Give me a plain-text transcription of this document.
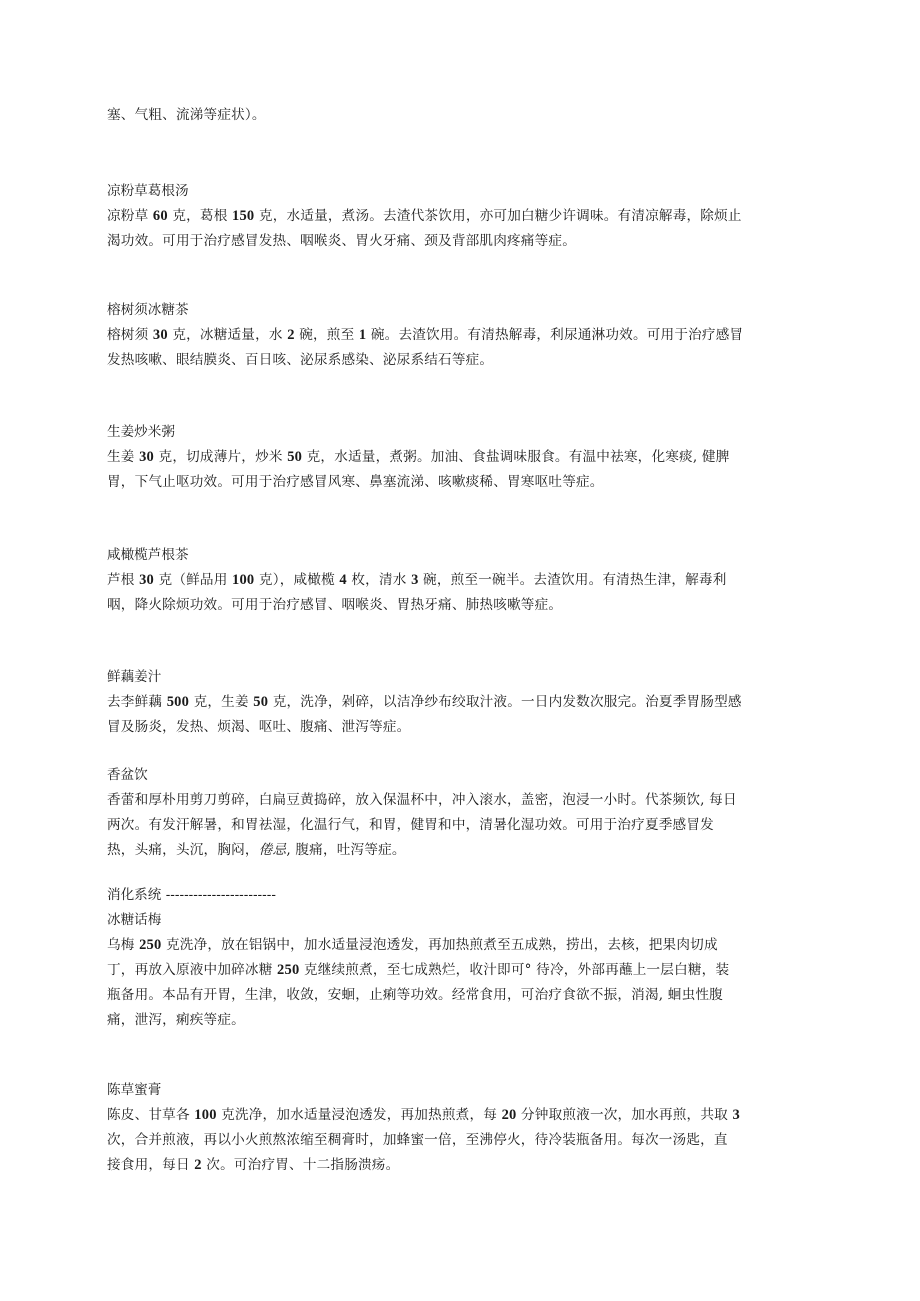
塞、气粗、流涕等症状）。
凉粉草葛根汤
凉粉草 60 克，葛根 150 克，水适量，煮汤。去渣代茶饮用，亦可加白糖少许调味。有清凉解毒，除烦止
渴功效。可用于治疗感冒发热、咽喉炎、胃火牙痛、颈及背部肌肉疼痛等症。
榕树须冰糖茶
榕树须 30 克，冰糖适量，水 2 碗，煎至 1 碗。去渣饮用。有清热解毒，利尿通淋功效。可用于治疗感冒
发热咳嗽、眼结膜炎、百日咳、泌尿系感染、泌尿系结石等症。
生姜炒米粥
生姜 30 克，切成薄片，炒米 50 克，水适量，煮粥。加油、食盐调味服食。有温中祛寒，化寒痰, 健脾
胃，下气止呕功效。可用于治疗感冒风寒、鼻塞流涕、咳嗽痰稀、胃寒呕吐等症。
咸橄榄芦根茶
芦根 30 克（鲜品用 100 克），咸橄榄 4 枚，清水 3 碗，煎至一碗半。去渣饮用。有清热生津，解毒利
咽，降火除烦功效。可用于治疗感冒、咽喉炎、胃热牙痛、肺热咳嗽等症。
鲜藕姜汁
去李鲜藕 500 克，生姜 50 克，洗净，剁碎，以洁净纱布绞取汁液。一日内发数次服完。治夏季胃肠型感
冒及肠炎，发热、烦渴、呕吐、腹痛、泄泻等症。
香盆饮
香蕾和厚朴用剪刀剪碎，白扁豆黄捣碎，放入保温杯中，冲入滚水，盖密，泡浸一小时。代茶频饮, 每日
两次。有发汗解暑，和胃祛湿，化温行气，和胃，健胃和中，清暑化湿功效。可用于治疗夏季感冒发
热，头痛，头沉，胸闷，倦忌, 腹痛，吐泻等症。
消化系统 ------------------------
冰糖话梅
乌梅 250 克洗净，放在铝锅中，加水适量浸泡透发，再加热煎煮至五成熟，捞出，去核，把果肉切成
丁，再放入原液中加碎冰糖 250 克继续煎煮，至七成熟烂，收汁即可° 待冷，外部再蘸上一层白糖，装
瓶备用。本品有开胃，生津，收敛，安蛔，止痢等功效。经常食用，可治疗食欲不振，消渴, 蛔虫性腹
痛，泄泻，痢疾等症。
陈草蜜膏
陈皮、甘草各 100 克洗净，加水适量浸泡透发，再加热煎煮，每 20 分钟取煎液一次，加水再煎，共取 3
次，合并煎液，再以小火煎熬浓缩至稠膏时，加蜂蜜一倍，至沸停火，待冷装瓶备用。每次一汤匙，直
接食用，每日 2 次。可治疗胃、十二指肠溃疡。
